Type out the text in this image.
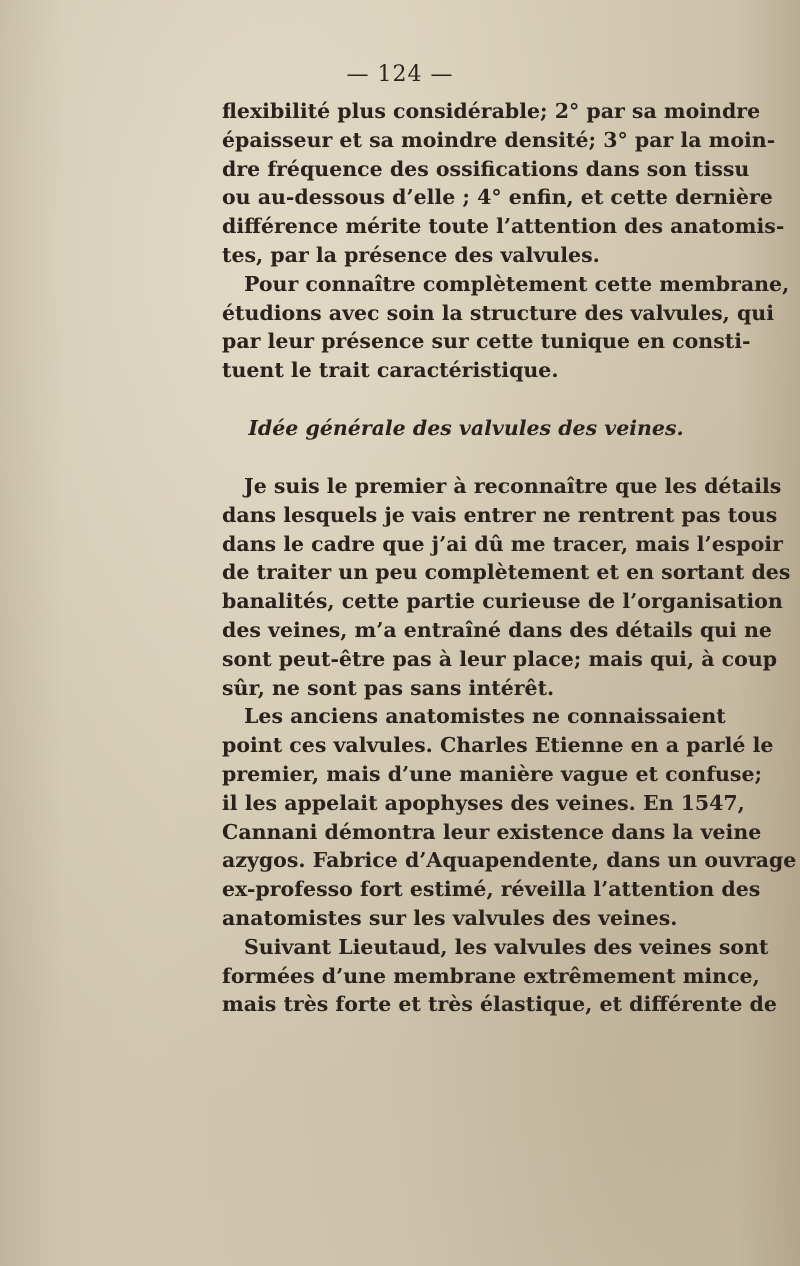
— 124 —
flexibilité plus considérable; 2° par sa moindre
épaisseur et sa moindre densité; 3° par la moin-
dre fréquence des ossifications dans son tissu
ou au-dessous d’elle ; 4° enfin, et cette dernière
différence mérite toute l’attention des anatomis-
tes, par la présence des valvules.
Pour connaître complètement cette membrane,
étudions avec soin la structure des valvules, qui
par leur présence sur cette tunique en consti-
tuent le trait caractéristique.
Idée générale des valvules des veines.
Je suis le premier à reconnaître que les détails
dans lesquels je vais entrer ne rentrent pas tous
dans le cadre que j’ai dû me tracer, mais l’espoir
de traiter un peu complètement et en sortant des
banalités, cette partie curieuse de l’organisation
des veines, m’a entraîné dans des détails qui ne
sont peut-être pas à leur place; mais qui, à coup
sûr, ne sont pas sans intérêt.
Les anciens anatomistes ne connaissaient
point ces valvules. Charles Etienne en a parlé le
premier, mais d’une manière vague et confuse;
il les appelait apophyses des veines. En 1547,
Cannani démontra leur existence dans la veine
azygos. Fabrice d’Aquapendente, dans un ouvrage
ex-professo fort estimé, réveilla l’attention des
anatomistes sur les valvules des veines.
Suivant Lieutaud, les valvules des veines sont
formées d’une membrane extrêmement mince,
mais très forte et très élastique, et différente de
